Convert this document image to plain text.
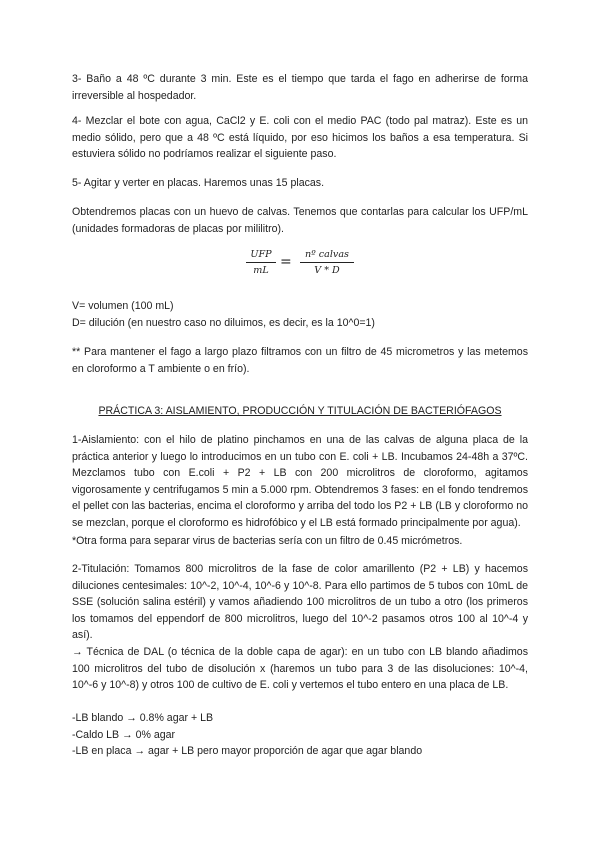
3- Baño a 48 ºC durante 3 min. Este es el tiempo que tarda el fago en adherirse de forma irreversible al hospedador.

4- Mezclar el bote con agua, CaCl2 y E. coli con el medio PAC (todo pal matraz). Este es un medio sólido, pero que a 48 ºC está líquido, por eso hicimos los baños a esa temperatura. Si estuviera sólido no podríamos realizar el siguiente paso.

5- Agitar y verter en placas. Haremos unas 15 placas.

Obtendremos placas con un huevo de calvas. Tenemos que contarlas para calcular los UFP/mL (unidades formadoras de placas por mililitro).

UFP
mL
=	nº calvas
V * D

V= volumen (100 mL)
D= dilución (en nuestro caso no diluimos, es decir, es la 10^0=1)

** Para mantener el fago a largo plazo filtramos con un filtro de 45 micrometros y las metemos en cloroformo a T ambiente o en frío).

PRÁCTICA 3: AISLAMIENTO, PRODUCCIÓN Y TITULACIÓN DE BACTERIÓFAGOS

1-Aislamiento: con el hilo de platino pinchamos en una de las calvas de alguna placa de la práctica anterior y luego lo introducimos en un tubo con E. coli + LB. Incubamos 24-48h a 37ºC. Mezclamos tubo con E.coli + P2 + LB con 200 microlitros de cloroformo, agitamos vigorosamente y centrifugamos 5 min a 5.000 rpm. Obtendremos 3 fases: en el fondo tendremos el pellet con las bacterias, encima el cloroformo y arriba del todo los P2 + LB (LB y cloroformo no se mezclan, porque el cloroformo es hidrofóbico y el LB está formado principalmente por agua).

*Otra forma para separar virus de bacterias sería con un filtro de 0.45 micrómetros.

2-Titulación: Tomamos 800 microlitros de la fase de color amarillento (P2 + LB) y hacemos diluciones centesimales: 10^-2, 10^-4, 10^-6 y 10^-8. Para ello partimos de 5 tubos con 10mL de SSE (solución salina estéril) y vamos añadiendo 100 microlitros de un tubo a otro (los primeros los tomamos del eppendorf de 800 microlitros, luego del 10^-2 pasamos otros 100 al 10^-4 y así).

→ Técnica de DAL (o técnica de la doble capa de agar): en un tubo con LB blando añadimos 100 microlitros del tubo de disolución x (haremos un tubo para 3 de las disoluciones: 10^-4, 10^-6 y 10^-8) y otros 100 de cultivo de E. coli y vertemos el tubo entero en una placa de LB.

-LB blando → 0.8% agar + LB
-Caldo LB → 0% agar
-LB en placa → agar + LB pero mayor proporción de agar que agar blando
